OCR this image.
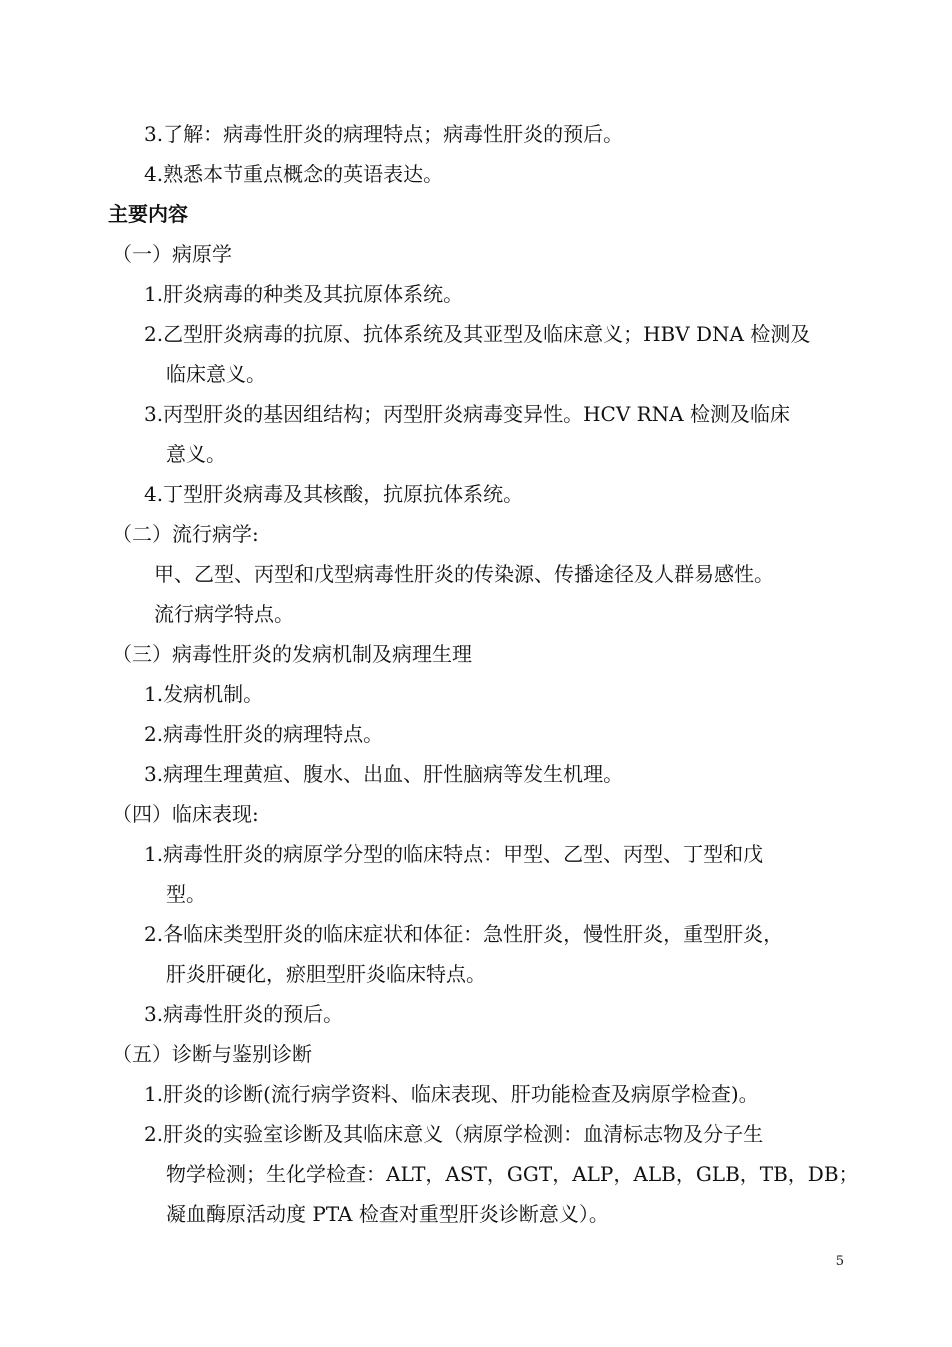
3.了解：病毒性肝炎的病理特点；病毒性肝炎的预后。
4.熟悉本节重点概念的英语表达。
主要内容
（一）病原学
1.肝炎病毒的种类及其抗原体系统。
2.乙型肝炎病毒的抗原、抗体系统及其亚型及临床意义；HBV DNA 检测及
临床意义。
3.丙型肝炎的基因组结构；丙型肝炎病毒变异性。HCV RNA 检测及临床
意义。
4.丁型肝炎病毒及其核酸，抗原抗体系统。
（二）流行病学:
甲、乙型、丙型和戊型病毒性肝炎的传染源、传播途径及人群易感性。
流行病学特点。
（三）病毒性肝炎的发病机制及病理生理
1.发病机制。
2.病毒性肝炎的病理特点。
3.病理生理黄疸、腹水、出血、肝性脑病等发生机理。
（四）临床表现:
1.病毒性肝炎的病原学分型的临床特点：甲型、乙型、丙型、丁型和戊
型。
2.各临床类型肝炎的临床症状和体征：急性肝炎，慢性肝炎，重型肝炎，
肝炎肝硬化，瘀胆型肝炎临床特点。
3.病毒性肝炎的预后。
（五）诊断与鉴别诊断
1.肝炎的诊断(流行病学资料、临床表现、肝功能检查及病原学检查)。
2.肝炎的实验室诊断及其临床意义（病原学检测：血清标志物及分子生
物学检测；生化学检查：ALT，AST，GGT，ALP，ALB，GLB，TB，DB；
凝血酶原活动度 PTA 检查对重型肝炎诊断意义）。
5
